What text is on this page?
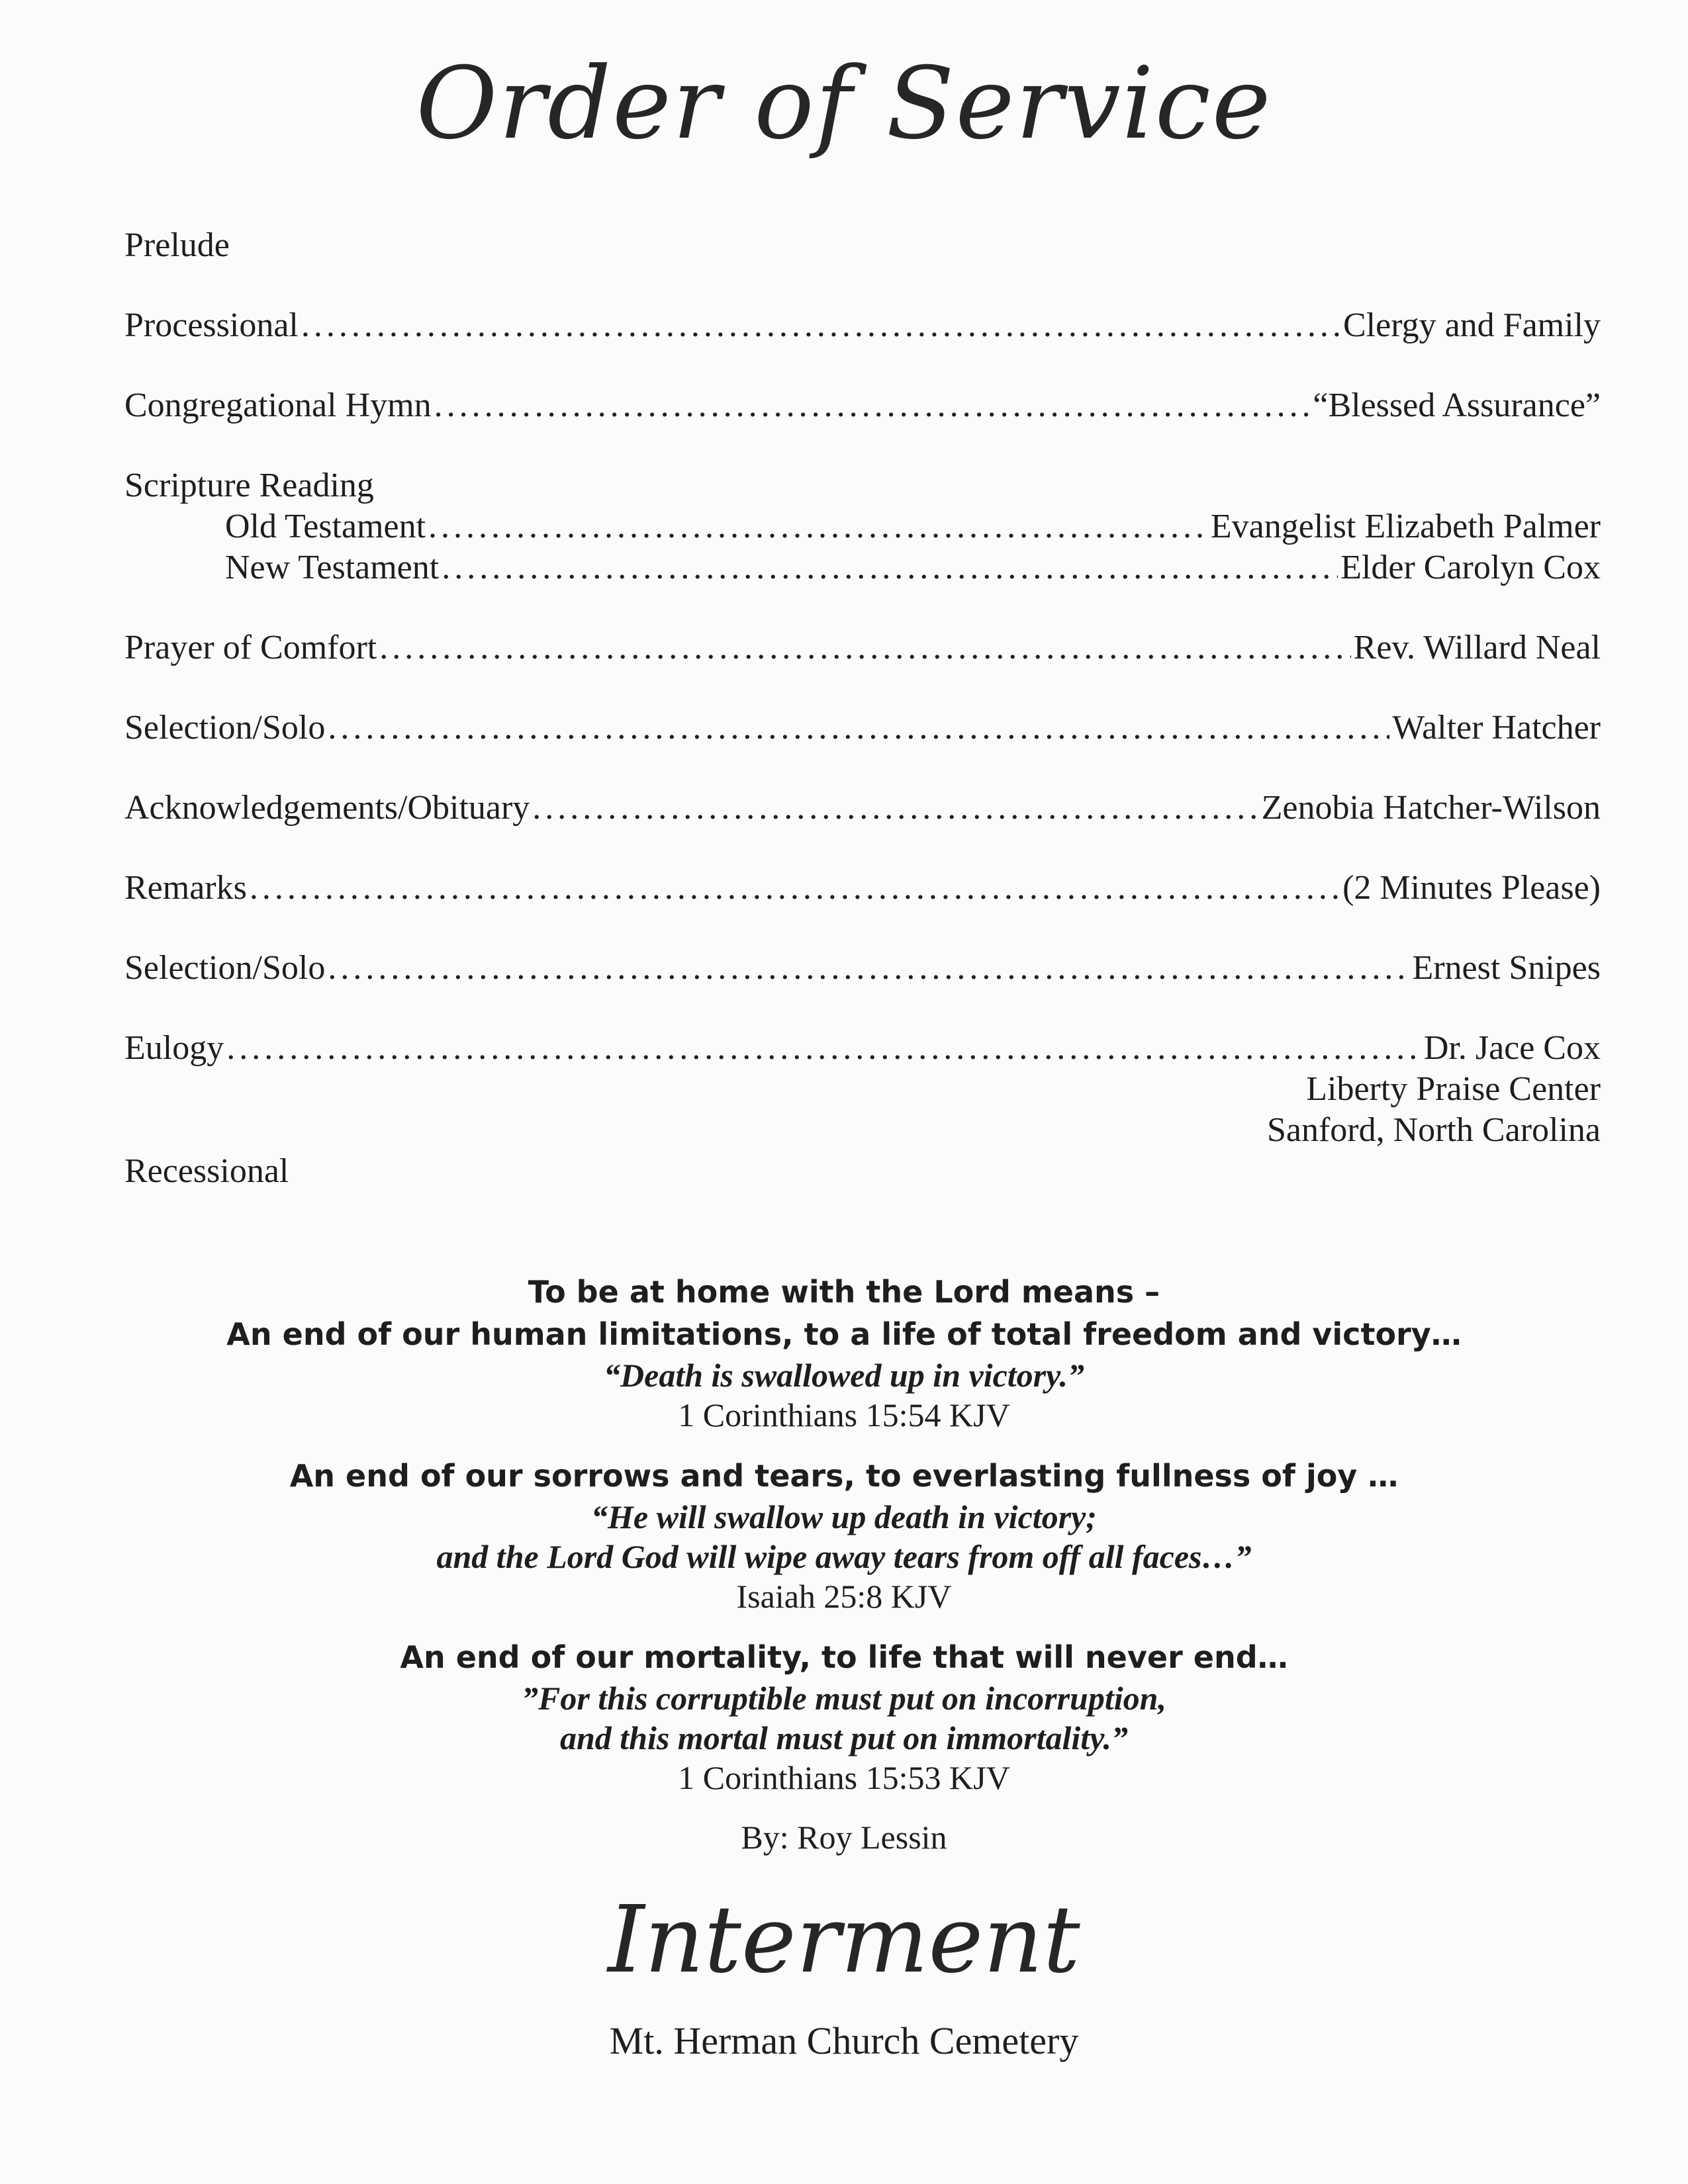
Order of Service
Prelude
Processional .....	Clergy and Family
Congregational Hymn .....	“Blessed Assurance”
Scripture Reading
Old Testament .....	Evangelist Elizabeth Palmer
New Testament .....	Elder Carolyn Cox
Prayer of Comfort .....	Rev. Willard Neal
Selection/Solo .....	Walter Hatcher
Acknowledgements/Obituary .....	Zenobia Hatcher-Wilson
Remarks .....	(2 Minutes Please)
Selection/Solo .....	Ernest Snipes
Eulogy .....	Dr. Jace Cox
Liberty Praise Center
Sanford, North Carolina
Recessional
To be at home with the Lord means –
An end of our human limitations, to a life of total freedom and victory…
“Death is swallowed up in victory.”
1 Corinthians 15:54 KJV
An end of our sorrows and tears, to everlasting fullness of joy …
“He will swallow up death in victory;
and the Lord God will wipe away tears from off all faces…”
Isaiah 25:8 KJV
An end of our mortality, to life that will never end…
”For this corruptible must put on incorruption,
and this mortal must put on immortality.”
1 Corinthians 15:53 KJV
By: Roy Lessin
Interment
Mt. Herman Church Cemetery
